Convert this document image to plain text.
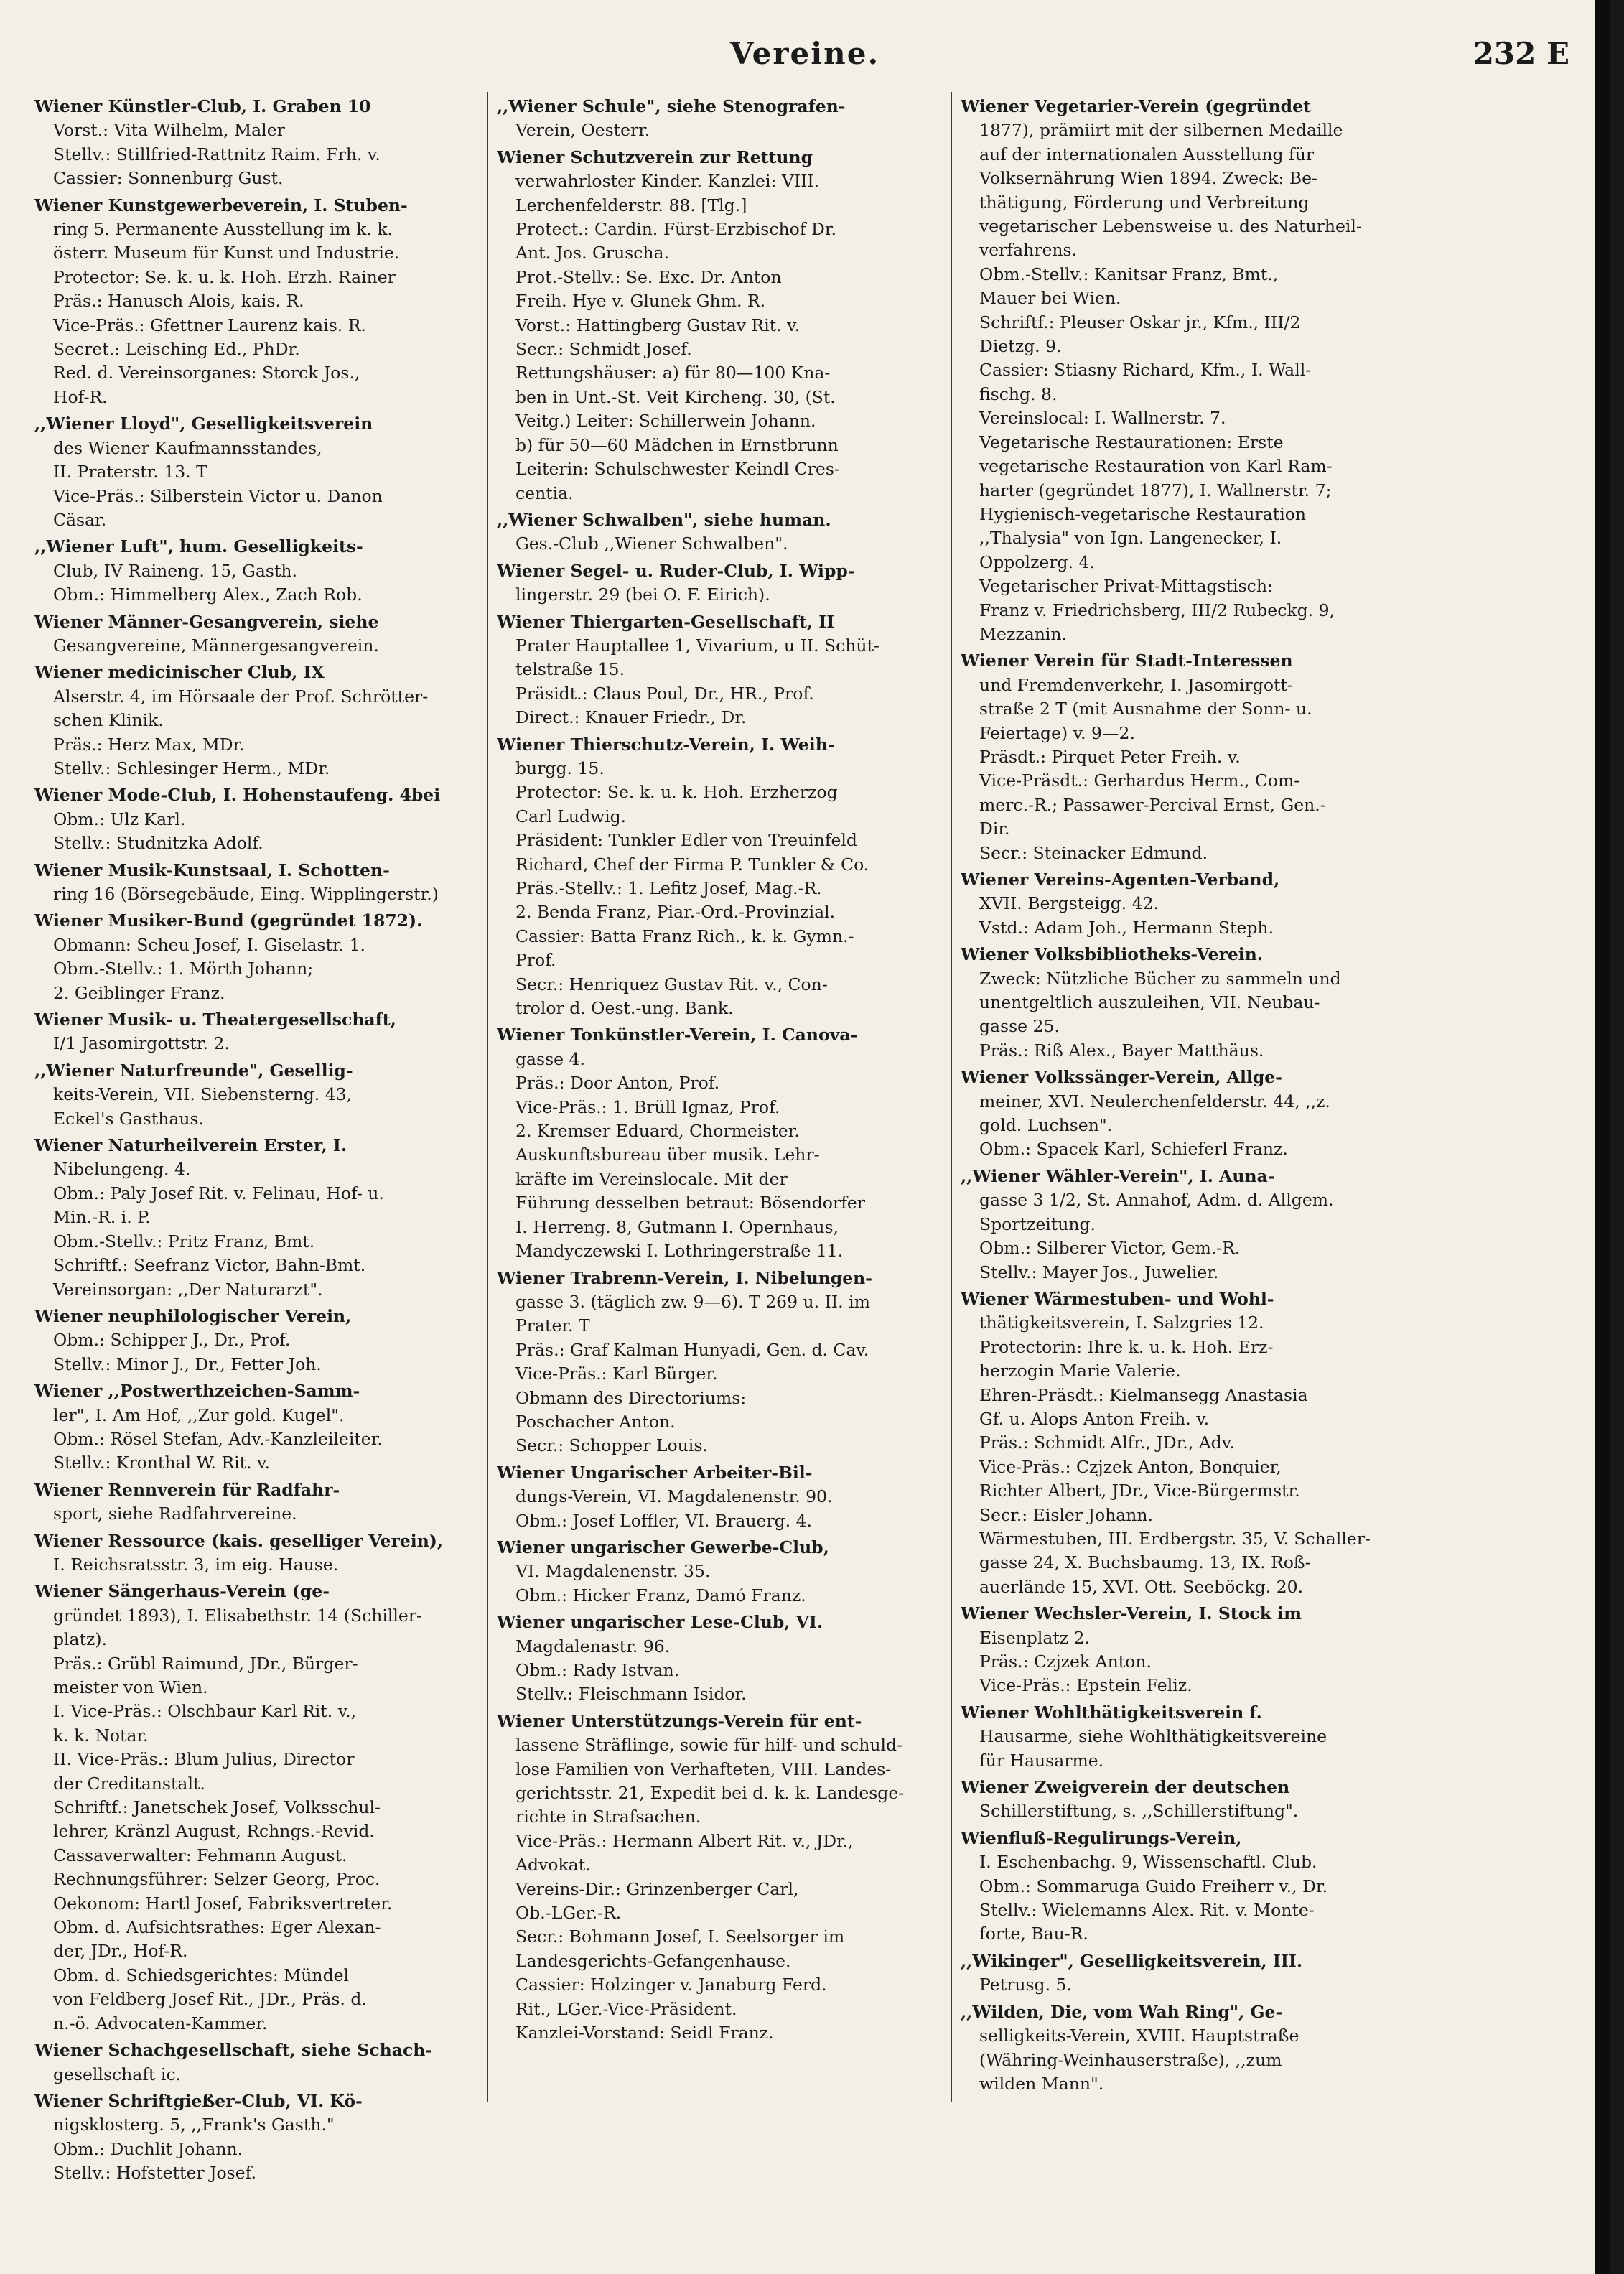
Vereine.	232 E
Wiener Künstler-Club, I. Graben 10
Vorst.: Vita Wilhelm, Maler
Stellv.: Stillfried-Rattnitz Raim. Frh. v.
Cassier: Sonnenburg Gust.
Wiener Kunstgewerbeverein, I. Stuben-
ring 5. Permanente Ausstellung im k. k.
österr. Museum für Kunst und Industrie.
Protector: Se. k. u. k. Hoh. Erzh. Rainer
Präs.: Hanusch Alois, kais. R.
Vice-Präs.: Gfettner Laurenz kais. R.
Secret.: Leisching Ed., PhDr.
Red. d. Vereinsorganes: Storck Jos.,
Hof-R.
,,Wiener Lloyd", Geselligkeitsverein
des Wiener Kaufmannsstandes,
II. Praterstr. 13. T
Vice-Präs.: Silberstein Victor u. Danon
Cäsar.
,,Wiener Luft", hum. Geselligkeits-
Club, IV Raineng. 15, Gasth.
Obm.: Himmelberg Alex., Zach Rob.
Wiener Männer-Gesangverein, siehe
Gesangvereine, Männergesangverein.
Wiener medicinischer Club, IX
Alserstr. 4, im Hörsaale der Prof. Schrötter-
schen Klinik.
Präs.: Herz Max, MDr.
Stellv.: Schlesinger Herm., MDr.
Wiener Mode-Club, I. Hohenstaufeng. 4bei
Obm.: Ulz Karl.
Stellv.: Studnitzka Adolf.
Wiener Musik-Kunstsaal, I. Schotten-
ring 16 (Börsegebäude, Eing. Wipplingerstr.)
Wiener Musiker-Bund (gegründet 1872).
Obmann: Scheu Josef, I. Giselastr. 1.
Obm.-Stellv.: 1. Mörth Johann;
2. Geiblinger Franz.
Wiener Musik- u. Theatergesellschaft,
I/1 Jasomirgottstr. 2.
,,Wiener Naturfreunde", Gesellig-
keits-Verein, VII. Siebensterng. 43,
Eckel's Gasthaus.
Wiener Naturheilverein Erster, I.
Nibelungeng. 4.
Obm.: Paly Josef Rit. v. Felinau, Hof- u.
Min.-R. i. P.
Obm.-Stellv.: Pritz Franz, Bmt.
Schriftf.: Seefranz Victor, Bahn-Bmt.
Vereinsorgan: ,,Der Naturarzt".
Wiener neuphilologischer Verein,
Obm.: Schipper J., Dr., Prof.
Stellv.: Minor J., Dr., Fetter Joh.
Wiener ,,Postwerthzeichen-Samm-
ler", I. Am Hof, ,,Zur gold. Kugel".
Obm.: Rösel Stefan, Adv.-Kanzleileiter.
Stellv.: Kronthal W. Rit. v.
Wiener Rennverein für Radfahr-
sport, siehe Radfahrvereine.
Wiener Ressource (kais. geselliger Verein),
I. Reichsratsstr. 3, im eig. Hause.
Wiener Sängerhaus-Verein (ge-
gründet 1893), I. Elisabethstr. 14 (Schiller-
platz).
Präs.: Grübl Raimund, JDr., Bürger-
meister von Wien.
I. Vice-Präs.: Olschbaur Karl Rit. v.,
k. k. Notar.
II. Vice-Präs.: Blum Julius, Director
der Creditanstalt.
Schriftf.: Janetschek Josef, Volksschul-
lehrer, Kränzl August, Rchngs.-Revid.
Cassaverwalter: Fehmann August.
Rechnungsführer: Selzer Georg, Proc.
Oekonom: Hartl Josef, Fabriksvertreter.
Obm. d. Aufsichtsrathes: Eger Alexan-
der, JDr., Hof-R.
Obm. d. Schiedsgerichtes: Mündel
von Feldberg Josef Rit., JDr., Präs. d.
n.-ö. Advocaten-Kammer.
Wiener Schachgesellschaft, siehe Schach-
gesellschaft ic.
Wiener Schriftgießer-Club, VI. Kö-
nigsklosterg. 5, ,,Frank's Gasth."
Obm.: Duchlit Johann.
Stellv.: Hofstetter Josef.
,,Wiener Schule", siehe Stenografen-
Verein, Oesterr.
Wiener Schutzverein zur Rettung
verwahrloster Kinder. Kanzlei: VIII.
Lerchenfelderstr. 88. [Tlg.]
Protect.: Cardin. Fürst-Erzbischof Dr.
Ant. Jos. Gruscha.
Prot.-Stellv.: Se. Exc. Dr. Anton
Freih. Hye v. Glunek Ghm. R.
Vorst.: Hattingberg Gustav Rit. v.
Secr.: Schmidt Josef.
Rettungshäuser: a) für 80—100 Kna-
ben in Unt.-St. Veit Kircheng. 30, (St.
Veitg.) Leiter: Schillerwein Johann.
b) für 50—60 Mädchen in Ernstbrunn
Leiterin: Schulschwester Keindl Cres-
centia.
,,Wiener Schwalben", siehe human.
Ges.-Club ,,Wiener Schwalben".
Wiener Segel- u. Ruder-Club, I. Wipp-
lingerstr. 29 (bei O. F. Eirich).
Wiener Thiergarten-Gesellschaft, II
Prater Hauptallee 1, Vivarium, u II. Schüt-
telstraße 15.
Präsidt.: Claus Poul, Dr., HR., Prof.
Direct.: Knauer Friedr., Dr.
Wiener Thierschutz-Verein, I. Weih-
burgg. 15.
Protector: Se. k. u. k. Hoh. Erzherzog
Carl Ludwig.
Präsident: Tunkler Edler von Treuinfeld
Richard, Chef der Firma P. Tunkler & Co.
Präs.-Stellv.: 1. Lefitz Josef, Mag.-R.
2. Benda Franz, Piar.-Ord.-Provinzial.
Cassier: Batta Franz Rich., k. k. Gymn.-
Prof.
Secr.: Henriquez Gustav Rit. v., Con-
trolor d. Oest.-ung. Bank.
Wiener Tonkünstler-Verein, I. Canova-
gasse 4.
Präs.: Door Anton, Prof.
Vice-Präs.: 1. Brüll Ignaz, Prof.
2. Kremser Eduard, Chormeister.
Auskunftsbureau über musik. Lehr-
kräfte im Vereinslocale. Mit der
Führung desselben betraut: Bösendorfer
I. Herreng. 8, Gutmann I. Opernhaus,
Mandyczewski I. Lothringerstraße 11.
Wiener Trabrenn-Verein, I. Nibelungen-
gasse 3. (täglich zw. 9—6). T 269 u. II. im
Prater. T
Präs.: Graf Kalman Hunyadi, Gen. d. Cav.
Vice-Präs.: Karl Bürger.
Obmann des Directoriums:
Poschacher Anton.
Secr.: Schopper Louis.
Wiener Ungarischer Arbeiter-Bil-
dungs-Verein, VI. Magdalenenstr. 90.
Obm.: Josef Loffler, VI. Brauerg. 4.
Wiener ungarischer Gewerbe-Club,
VI. Magdalenenstr. 35.
Obm.: Hicker Franz, Damó Franz.
Wiener ungarischer Lese-Club, VI.
Magdalenastr. 96.
Obm.: Rady Istvan.
Stellv.: Fleischmann Isidor.
Wiener Unterstützungs-Verein für ent-
lassene Sträflinge, sowie für hilf- und schuld-
lose Familien von Verhafteten, VIII. Landes-
gerichtsstr. 21, Expedit bei d. k. k. Landesge-
richte in Strafsachen.
Vice-Präs.: Hermann Albert Rit. v., JDr.,
Advokat.
Vereins-Dir.: Grinzenberger Carl,
Ob.-LGer.-R.
Secr.: Bohmann Josef, I. Seelsorger im
Landesgerichts-Gefangenhause.
Cassier: Holzinger v. Janaburg Ferd.
Rit., LGer.-Vice-Präsident.
Kanzlei-Vorstand: Seidl Franz.
Wiener Vegetarier-Verein (gegründet
1877), prämiirt mit der silbernen Medaille
auf der internationalen Ausstellung für
Volksernährung Wien 1894. Zweck: Be-
thätigung, Förderung und Verbreitung
vegetarischer Lebensweise u. des Naturheil-
verfahrens.
Obm.-Stellv.: Kanitsar Franz, Bmt.,
Mauer bei Wien.
Schriftf.: Pleuser Oskar jr., Kfm., III/2
Dietzg. 9.
Cassier: Stiasny Richard, Kfm., I. Wall-
fischg. 8.
Vereinslocal: I. Wallnerstr. 7.
Vegetarische Restaurationen: Erste
vegetarische Restauration von Karl Ram-
harter (gegründet 1877), I. Wallnerstr. 7;
Hygienisch-vegetarische Restauration
,,Thalysia" von Ign. Langenecker, I.
Oppolzerg. 4.
Vegetarischer Privat-Mittagstisch:
Franz v. Friedrichsberg, III/2 Rubeckg. 9,
Mezzanin.
Wiener Verein für Stadt-Interessen
und Fremdenverkehr, I. Jasomirgott-
straße 2 T (mit Ausnahme der Sonn- u.
Feiertage) v. 9—2.
Präsdt.: Pirquet Peter Freih. v.
Vice-Präsdt.: Gerhardus Herm., Com-
merc.-R.; Passawer-Percival Ernst, Gen.-
Dir.
Secr.: Steinacker Edmund.
Wiener Vereins-Agenten-Verband,
XVII. Bergsteigg. 42.
Vstd.: Adam Joh., Hermann Steph.
Wiener Volksbibliotheks-Verein.
Zweck: Nützliche Bücher zu sammeln und
unentgeltlich auszuleihen, VII. Neubau-
gasse 25.
Präs.: Riß Alex., Bayer Matthäus.
Wiener Volkssänger-Verein, Allge-
meiner, XVI. Neulerchenfelderstr. 44, ,,z.
gold. Luchsen".
Obm.: Spacek Karl, Schieferl Franz.
,,Wiener Wähler-Verein", I. Auna-
gasse 3 1/2, St. Annahof, Adm. d. Allgem.
Sportzeitung.
Obm.: Silberer Victor, Gem.-R.
Stellv.: Mayer Jos., Juwelier.
Wiener Wärmestuben- und Wohl-
thätigkeitsverein, I. Salzgries 12.
Protectorin: Ihre k. u. k. Hoh. Erz-
herzogin Marie Valerie.
Ehren-Präsdt.: Kielmansegg Anastasia
Gf. u. Alops Anton Freih. v.
Präs.: Schmidt Alfr., JDr., Adv.
Vice-Präs.: Czjzek Anton, Bonquier,
Richter Albert, JDr., Vice-Bürgermstr.
Secr.: Eisler Johann.
Wärmestuben, III. Erdbergstr. 35, V. Schaller-
gasse 24, X. Buchsbaumg. 13, IX. Roß-
auerlände 15, XVI. Ott. Seeböckg. 20.
Wiener Wechsler-Verein, I. Stock im
Eisenplatz 2.
Präs.: Czjzek Anton.
Vice-Präs.: Epstein Feliz.
Wiener Wohlthätigkeitsverein f.
Hausarme, siehe Wohlthätigkeitsvereine
für Hausarme.
Wiener Zweigverein der deutschen
Schillerstiftung, s. ,,Schillerstiftung".
Wienfluß-Regulirungs-Verein,
I. Eschenbachg. 9, Wissenschaftl. Club.
Obm.: Sommaruga Guido Freiherr v., Dr.
Stellv.: Wielemanns Alex. Rit. v. Monte-
forte, Bau-R.
,,Wikinger", Geselligkeitsverein, III.
Petrusg. 5.
,,Wilden, Die, vom Wah Ring", Ge-
selligkeits-Verein, XVIII. Hauptstraße
(Währing-Weinhauserstraße), ,,zum
wilden Mann".
